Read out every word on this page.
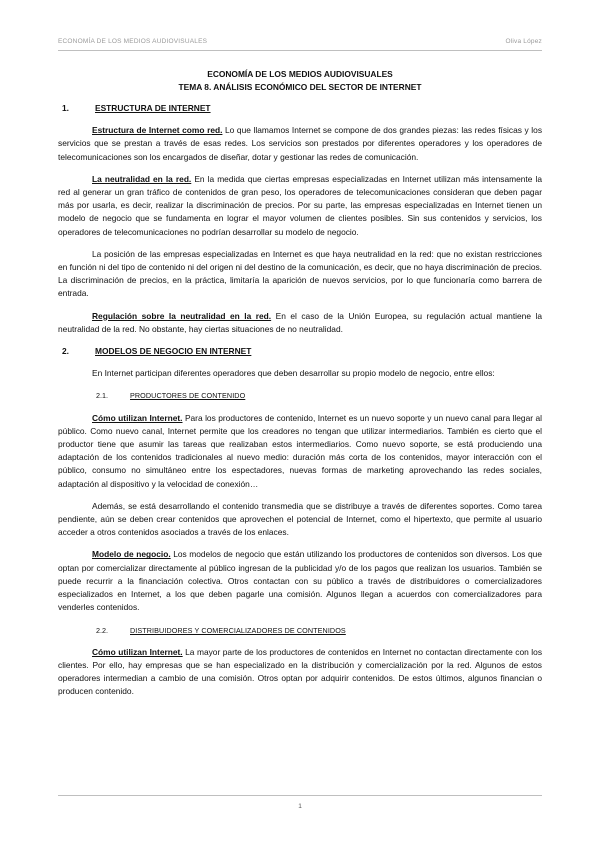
ECONOMÍA DE LOS MEDIOS AUDIOVISUALES	Oliva López
ECONOMÍA DE LOS MEDIOS AUDIOVISUALES
TEMA 8. ANÁLISIS ECONÓMICO DEL SECTOR DE INTERNET
1.	ESTRUCTURA DE INTERNET

Estructura de Internet como red. Lo que llamamos Internet se compone de dos grandes piezas: las redes físicas y los servicios que se prestan a través de esas redes. Los servicios son prestados por diferentes operadores y los operadores de telecomunicaciones son los encargados de diseñar, dotar y gestionar las redes de comunicación.

La neutralidad en la red. En la medida que ciertas empresas especializadas en Internet utilizan más intensamente la red al generar un gran tráfico de contenidos de gran peso, los operadores de telecomunicaciones consideran que deben pagar más por usarla, es decir, realizar la discriminación de precios. Por su parte, las empresas especializadas en Internet tienen un modelo de negocio que se fundamenta en lograr el mayor volumen de clientes posibles. Sin sus contenidos y servicios, los operadores de telecomunicaciones no podrían desarrollar su modelo de negocio.

La posición de las empresas especializadas en Internet es que haya neutralidad en la red: que no existan restricciones en función ni del tipo de contenido ni del origen ni del destino de la comunicación, es decir, que no haya discriminación de precios. La discriminación de precios, en la práctica, limitaría la aparición de nuevos servicios, por lo que funcionaría como barrera de entrada.

Regulación sobre la neutralidad en la red. En el caso de la Unión Europea, su regulación actual mantiene la neutralidad de la red. No obstante, hay ciertas situaciones de no neutralidad.

2.	MODELOS DE NEGOCIO EN INTERNET

En Internet participan diferentes operadores que deben desarrollar su propio modelo de negocio, entre ellos:

2.1.	PRODUCTORES DE CONTENIDO

Cómo utilizan Internet. Para los productores de contenido, Internet es un nuevo soporte y un nuevo canal para llegar al público. Como nuevo canal, Internet permite que los creadores no tengan que utilizar intermediarios. También es cierto que el productor tiene que asumir las tareas que realizaban estos intermediarios. Como nuevo soporte, se está produciendo una adaptación de los contenidos tradicionales al nuevo medio: duración más corta de los contenidos, mayor interacción con el público, consumo no simultáneo entre los espectadores, nuevas formas de marketing aprovechando las redes sociales, adaptación al dispositivo y la velocidad de conexión…

Además, se está desarrollando el contenido transmedia que se distribuye a través de diferentes soportes. Como tarea pendiente, aún se deben crear contenidos que aprovechen el potencial de Internet, como el hipertexto, que permite al usuario acceder a otros contenidos asociados a través de los enlaces.

Modelo de negocio. Los modelos de negocio que están utilizando los productores de contenidos son diversos. Los que optan por comercializar directamente al público ingresan de la publicidad y/o de los pagos que realizan los usuarios. También se puede recurrir a la financiación colectiva. Otros contactan con su público a través de distribuidores o comercializadores especializados en Internet, a los que deben pagarle una comisión. Algunos llegan a acuerdos con comercializadores para venderles contenidos.

2.2.	DISTRIBUIDORES Y COMERCIALIZADORES DE CONTENIDOS

Cómo utilizan Internet. La mayor parte de los productores de contenidos en Internet no contactan directamente con los clientes. Por ello, hay empresas que se han especializado en la distribución y comercialización por la red. Algunos de estos operadores intermedian a cambio de una comisión. Otros optan por adquirir contenidos. De estos últimos, algunos financian o producen contenido.

1
